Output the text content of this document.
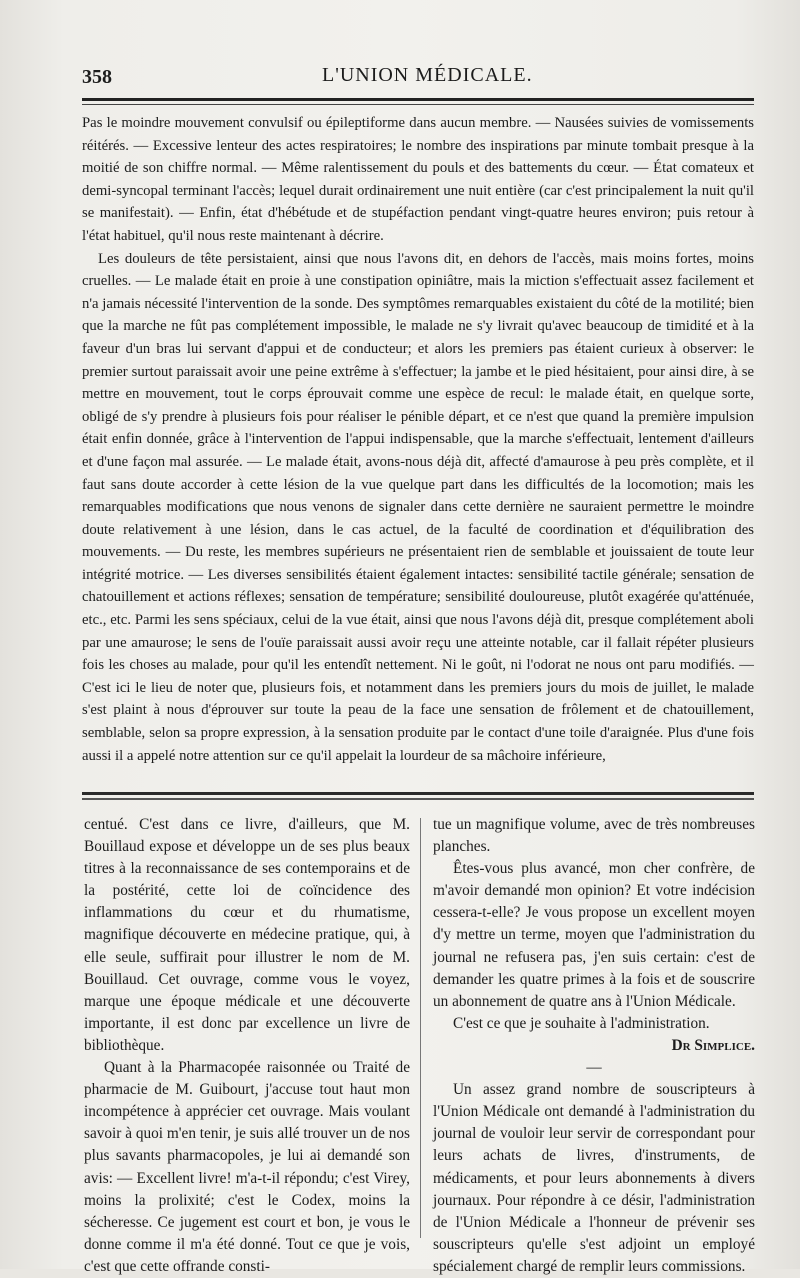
358	L'UNION MÉDICALE.

Pas le moindre mouvement convulsif ou épileptiforme dans aucun membre. — Nausées suivies de vomissements réitérés. — Excessive lenteur des actes respiratoires; le nombre des inspirations par minute tombait presque à la moitié de son chiffre normal. — Même ralentissement du pouls et des battements du cœur. — État comateux et demi-syncopal terminant l'accès; lequel durait ordinairement une nuit entière (car c'est principalement la nuit qu'il se manifestait). — Enfin, état d'hébétude et de stupéfaction pendant vingt-quatre heures environ; puis retour à l'état habituel, qu'il nous reste maintenant à décrire.

Les douleurs de tête persistaient, ainsi que nous l'avons dit, en dehors de l'accès, mais moins fortes, moins cruelles. — Le malade était en proie à une constipation opiniâtre, mais la miction s'effectuait assez facilement et n'a jamais nécessité l'intervention de la sonde. Des symptômes remarquables existaient du côté de la motilité; bien que la marche ne fût pas complétement impossible, le malade ne s'y livrait qu'avec beaucoup de timidité et à la faveur d'un bras lui servant d'appui et de conducteur; et alors les premiers pas étaient curieux à observer: le premier surtout paraissait avoir une peine extrême à s'effectuer; la jambe et le pied hésitaient, pour ainsi dire, à se mettre en mouvement, tout le corps éprouvait comme une espèce de recul: le malade était, en quelque sorte, obligé de s'y prendre à plusieurs fois pour réaliser le pénible départ, et ce n'est que quand la première impulsion était enfin donnée, grâce à l'intervention de l'appui indispensable, que la marche s'effectuait, lentement d'ailleurs et d'une façon mal assurée. — Le malade était, avons-nous déjà dit, affecté d'amaurose à peu près complète, et il faut sans doute accorder à cette lésion de la vue quelque part dans les difficultés de la locomotion; mais les remarquables modifications que nous venons de signaler dans cette dernière ne sauraient permettre le moindre doute relativement à une lésion, dans le cas actuel, de la faculté de coordination et d'équilibration des mouvements. — Du reste, les membres supérieurs ne présentaient rien de semblable et jouissaient de toute leur intégrité motrice. — Les diverses sensibilités étaient également intactes: sensibilité tactile générale; sensation de chatouillement et actions réflexes; sensation de température; sensibilité douloureuse, plutôt exagérée qu'atténuée, etc., etc. Parmi les sens spéciaux, celui de la vue était, ainsi que nous l'avons déjà dit, presque complétement aboli par une amaurose; le sens de l'ouïe paraissait aussi avoir reçu une atteinte notable, car il fallait répéter plusieurs fois les choses au malade, pour qu'il les entendît nettement. Ni le goût, ni l'odorat ne nous ont paru modifiés. — C'est ici le lieu de noter que, plusieurs fois, et notamment dans les premiers jours du mois de juillet, le malade s'est plaint à nous d'éprouver sur toute la peau de la face une sensation de frôlement et de chatouillement, semblable, selon sa propre expression, à la sensation produite par le contact d'une toile d'araignée. Plus d'une fois aussi il a appelé notre attention sur ce qu'il appelait la lourdeur de sa mâchoire inférieure,

centué. C'est dans ce livre, d'ailleurs, que M. Bouillaud expose et développe un de ses plus beaux titres à la reconnaissance de ses contemporains et de la postérité, cette loi de coïncidence des inflammations du cœur et du rhumatisme, magnifique découverte en médecine pratique, qui, à elle seule, suffirait pour illustrer le nom de M. Bouillaud. Cet ouvrage, comme vous le voyez, marque une époque médicale et une découverte importante, il est donc par excellence un livre de bibliothèque.

Quant à la Pharmacopée raisonnée ou Traité de pharmacie de M. Guibourt, j'accuse tout haut mon incompétence à apprécier cet ouvrage. Mais voulant savoir à quoi m'en tenir, je suis allé trouver un de nos plus savants pharmacopoles, je lui ai demandé son avis: — Excellent livre! m'a-t-il répondu; c'est Virey, moins la prolixité; c'est le Codex, moins la sécheresse. Ce jugement est court et bon, je vous le donne comme il m'a été donné. Tout ce que je vois, c'est que cette offrande consti-

tue un magnifique volume, avec de très nombreuses planches.

Êtes-vous plus avancé, mon cher confrère, de m'avoir demandé mon opinion? Et votre indécision cessera-t-elle? Je vous propose un excellent moyen d'y mettre un terme, moyen que l'administration du journal ne refusera pas, j'en suis certain: c'est de demander les quatre primes à la fois et de souscrire un abonnement de quatre ans à l'Union Médicale.

C'est ce que je souhaite à l'administration.

Dr Simplice.

—

Un assez grand nombre de souscripteurs à l'Union Médicale ont demandé à l'administration du journal de vouloir leur servir de correspondant pour leurs achats de livres, d'instruments, de médicaments, et pour leurs abonnements à divers journaux. Pour répondre à ce désir, l'administration de l'Union Médicale a l'honneur de prévenir ses souscripteurs qu'elle s'est adjoint un employé spécialement chargé de remplir leurs commissions.
